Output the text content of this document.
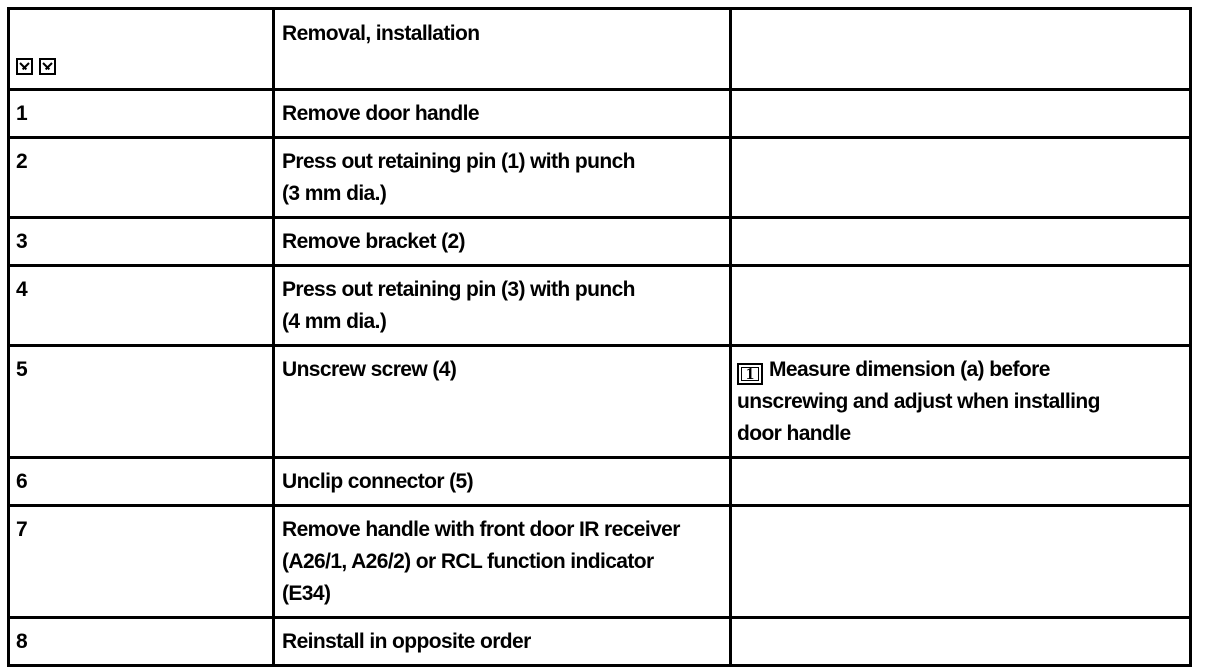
	Removal, installation	

1	Remove door handle	

2	Press out retaining pin (1) with punch
(3 mm dia.)	

3	Remove bracket (2)	

4	Press out retaining pin (3) with punch
(4 mm dia.)	

5	Unscrew screw (4)	1 Measure dimension (a) before
unscrewing and adjust when installing
door handle

6	Unclip connector (5)	

7	Remove handle with front door IR receiver
(A26/1, A26/2) or RCL function indicator
(E34)	

8	Reinstall in opposite order	
